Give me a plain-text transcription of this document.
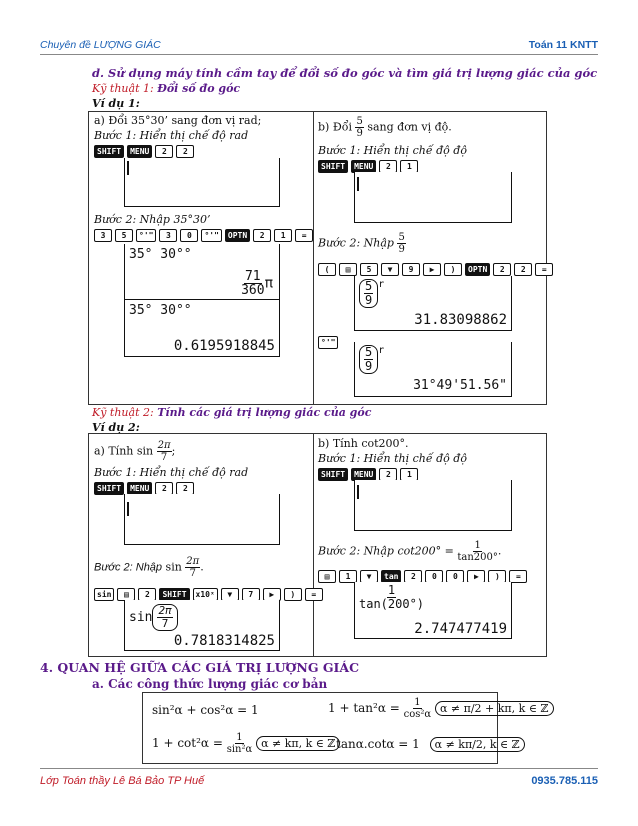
Chuyên đề LƯỢNG GIÁC	Toán 11 KNTT
d. Sử dụng máy tính cầm tay để đổi số đo góc và tìm giá trị lượng giác của góc
Kỹ thuật 1: Đổi số đo góc
Ví dụ 1:
a) Đổi 35°30’ sang đơn vị rad;
Bước 1: Hiển thị chế độ rad
SHIFT	MENU	2	2
Bước 2: Nhập 35°30’
3	5	°'"	3	0	°'"	OPTN	2	1	=
35° 30°°
$\frac{71}{360}$ π
35° 30°°
0.6195918845
b) Đổi $\frac{5}{9}$ sang đơn vị độ.
Bước 1: Hiển thị chế độ độ
SHIFT	MENU	2	1
Bước 2: Nhập $\frac{5}{9}$
(	▤	5	▼	9	▶	)	OPTN	2	2	=
$\frac{5}{9} ^r$
31.83098862
°'"
$\frac{5}{9} ^r$
31°49'51.56"
Kỹ thuật 2: Tính các giá trị lượng giác của góc
Ví dụ 2:
a) Tính $\sin \frac{2\pi}{7}$ ;
Bước 1: Hiển thị chế độ rad
SHIFT	MENU	2	2
Bước 2: Nhập $\sin \frac{2\pi}{7}$ .
sin	▤	2	SHIFT	x10ˣ	▼	7	▶	)	=
$\sin \frac{2\pi}{7}$
0.7818314825
b) Tính cot200°.
Bước 1: Hiển thị chế độ độ
SHIFT	MENU	2	1
Bước 2: Nhập $\cot 200^\circ = \frac{1}{\tan 200^\circ}$ .
▤	1	▼	tan	2	0	0	▶	)	=
$\frac{1}{\tan(200^\circ)}$
2.747477419
4. QUAN HỆ GIỮA CÁC GIÁ TRỊ LƯỢNG GIÁC
a. Các công thức lượng giác cơ bản
sin²α + cos²α = 1	$1 + \tan^2\alpha = \frac{1}{\text{cos²α}}$ α ≠ π/2 + kπ, k ∈ ℤ
$1 + \cot^2\alpha = \frac{1}{\text{sin²α}}$ α ≠ kπ, k ∈ ℤ tanα.cotα = 1 α ≠ kπ/2, k ∈ ℤ
Lớp Toán thầy Lê Bá Bảo TP Huế	0935.785.115
